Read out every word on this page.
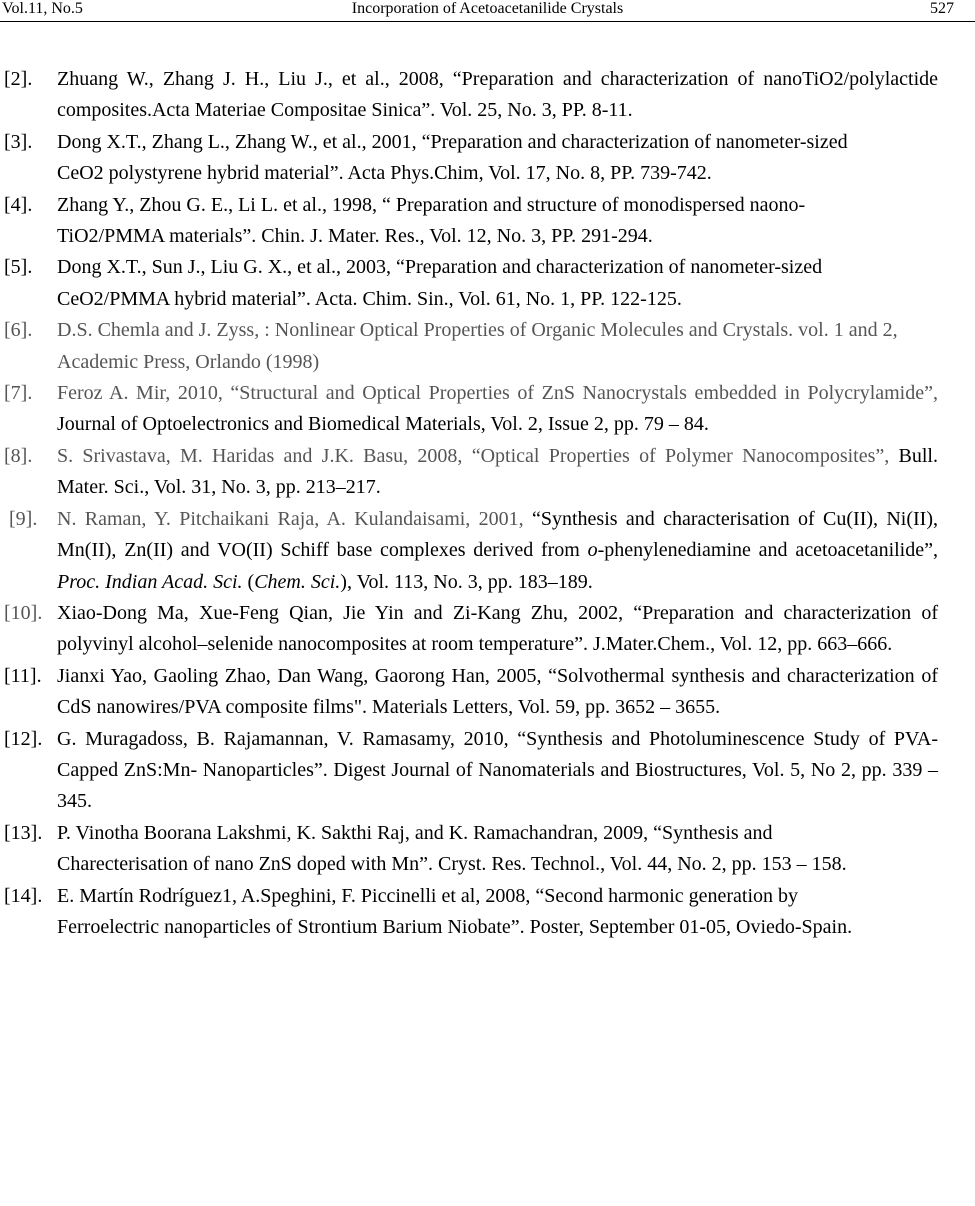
Vol.11, No.5	Incorporation of Acetoacetanilide Crystals	527
[2]. Zhuang W., Zhang J. H., Liu J., et al., 2008, “Preparation and characterization of nanoTiO2/polylactide composites.Acta Materiae Compositae Sinica”. Vol. 25, No. 3, PP. 8-11.
[3]. Dong X.T., Zhang L., Zhang W., et al., 2001, “Preparation and characterization of nanometer-sized CeO2 polystyrene hybrid material”. Acta Phys.Chim, Vol. 17, No. 8, PP. 739-742.
[4]. Zhang Y., Zhou G. E., Li L. et al., 1998, “ Preparation and structure of monodispersed naono-TiO2/PMMA materials”. Chin. J. Mater. Res., Vol. 12, No. 3, PP. 291-294.
[5]. Dong X.T., Sun J., Liu G. X., et al., 2003, “Preparation and characterization of nanometer-sized CeO2/PMMA hybrid material”. Acta. Chim. Sin., Vol. 61, No. 1, PP. 122-125.
[6]. D.S. Chemla and J. Zyss, : Nonlinear Optical Properties of Organic Molecules and Crystals. vol. 1 and 2, Academic Press, Orlando (1998)
[7]. Feroz A. Mir, 2010, “Structural and Optical Properties of ZnS Nanocrystals embedded in Polycrylamide”, Journal of Optoelectronics and Biomedical Materials, Vol. 2, Issue 2, pp. 79 – 84.
[8]. S. Srivastava, M. Haridas and J.K. Basu, 2008, “Optical Properties of Polymer Nanocomposites”, Bull. Mater. Sci., Vol. 31, No. 3, pp. 213–217.
[9]. N. Raman, Y. Pitchaikani Raja, A. Kulandaisami, 2001, “Synthesis and characterisation of Cu(II), Ni(II), Mn(II), Zn(II) and VO(II) Schiff base complexes derived from o-phenylenediamine and acetoacetanilide”, Proc. Indian Acad. Sci. (Chem. Sci.), Vol. 113, No. 3, pp. 183–189.
[10]. Xiao-Dong Ma, Xue-Feng Qian, Jie Yin and Zi-Kang Zhu, 2002, “Preparation and characterization of polyvinyl alcohol–selenide nanocomposites at room temperature”. J.Mater.Chem., Vol. 12, pp. 663–666.
[11]. Jianxi Yao, Gaoling Zhao, Dan Wang, Gaorong Han, 2005, “Solvothermal synthesis and characterization of CdS nanowires/PVA composite films". Materials Letters, Vol. 59, pp. 3652 – 3655.
[12]. G. Muragadoss, B. Rajamannan, V. Ramasamy, 2010, “Synthesis and Photoluminescence Study of PVA- Capped ZnS:Mn- Nanoparticles”. Digest Journal of Nanomaterials and Biostructures, Vol. 5, No 2, pp. 339 – 345.
[13]. P. Vinotha Boorana Lakshmi, K. Sakthi Raj, and K. Ramachandran, 2009, “Synthesis and Charecterisation of nano ZnS doped with Mn”. Cryst. Res. Technol., Vol. 44, No. 2, pp. 153 – 158.
[14]. E. Martín Rodríguez1, A.Speghini, F. Piccinelli et al, 2008, “Second harmonic generation by Ferroelectric nanoparticles of Strontium Barium Niobate”. Poster, September 01-05, Oviedo-Spain.
